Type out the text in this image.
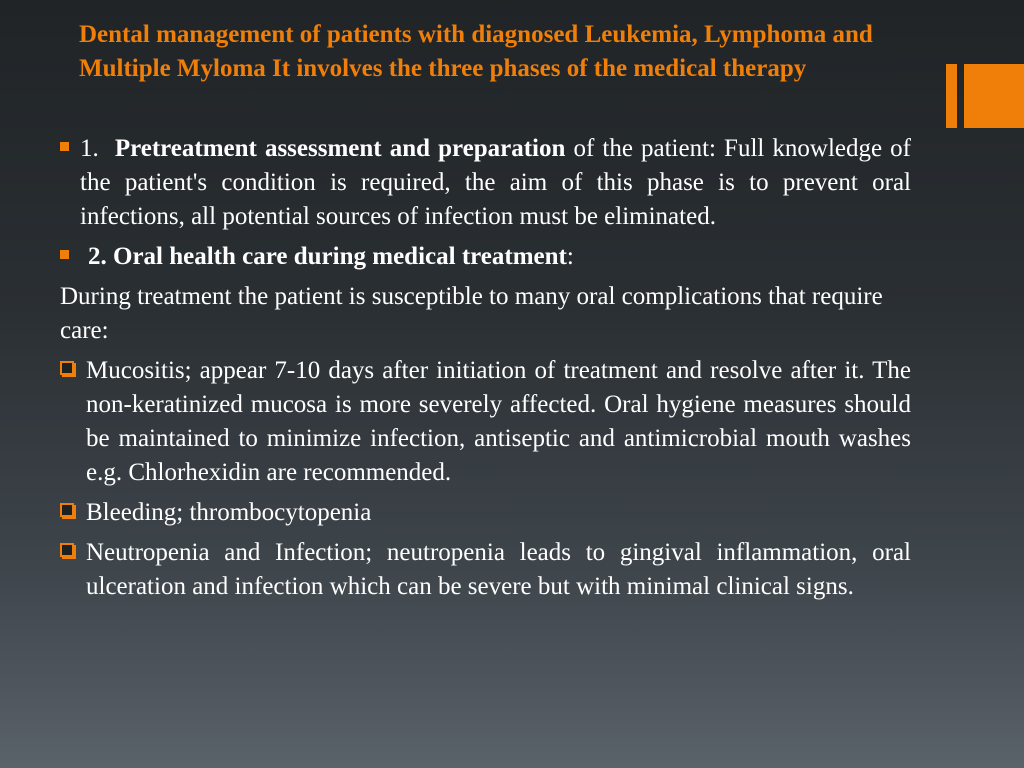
Dental management of patients with diagnosed Leukemia, Lymphoma and Multiple Myloma It involves the three phases of the medical therapy

1. Pretreatment assessment and preparation of the patient: Full knowledge of the patient's condition is required, the aim of this phase is to prevent oral infections, all potential sources of infection must be eliminated.

2. Oral health care during medical treatment:

During treatment the patient is susceptible to many oral complications that require care:

Mucositis; appear 7-10 days after initiation of treatment and resolve after it. The non-keratinized mucosa is more severely affected. Oral hygiene measures should be maintained to minimize infection, antiseptic and antimicrobial mouth washes e.g. Chlorhexidin are recommended.

Bleeding; thrombocytopenia

Neutropenia and Infection; neutropenia leads to gingival inflammation, oral ulceration and infection which can be severe but with minimal clinical signs.
